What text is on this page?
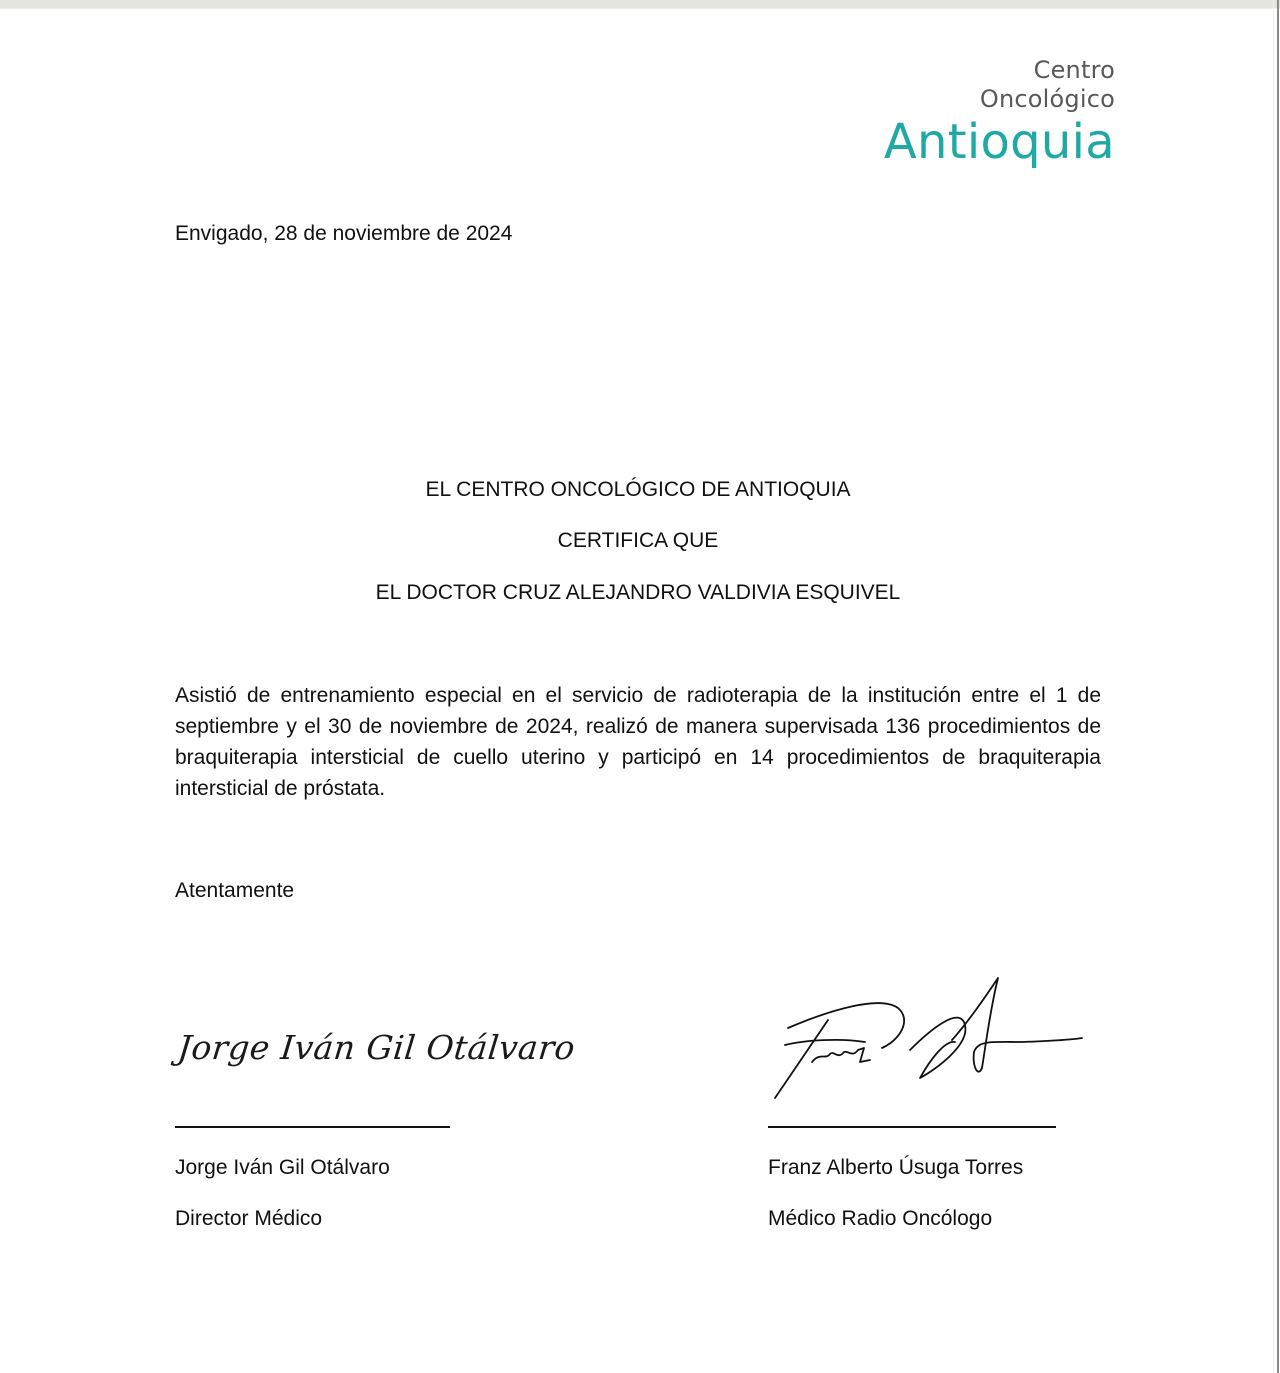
Centro
Oncológico
Antioquia
Envigado, 28 de noviembre de 2024
EL CENTRO ONCOLÓGICO DE ANTIOQUIA
CERTIFICA QUE
EL DOCTOR CRUZ ALEJANDRO VALDIVIA ESQUIVEL
Asistió de entrenamiento especial en el servicio de radioterapia de la institución entre el 1 de septiembre y el 30 de noviembre de 2024, realizó de manera supervisada 136 procedimientos de braquiterapia intersticial de cuello uterino y participó en 14 procedimientos de braquiterapia intersticial de próstata.
Atentamente
Jorge Iván Gil Otálvaro
Jorge Iván Gil Otálvaro
Director Médico
Franz Alberto Úsuga Torres
Médico Radio Oncólogo
